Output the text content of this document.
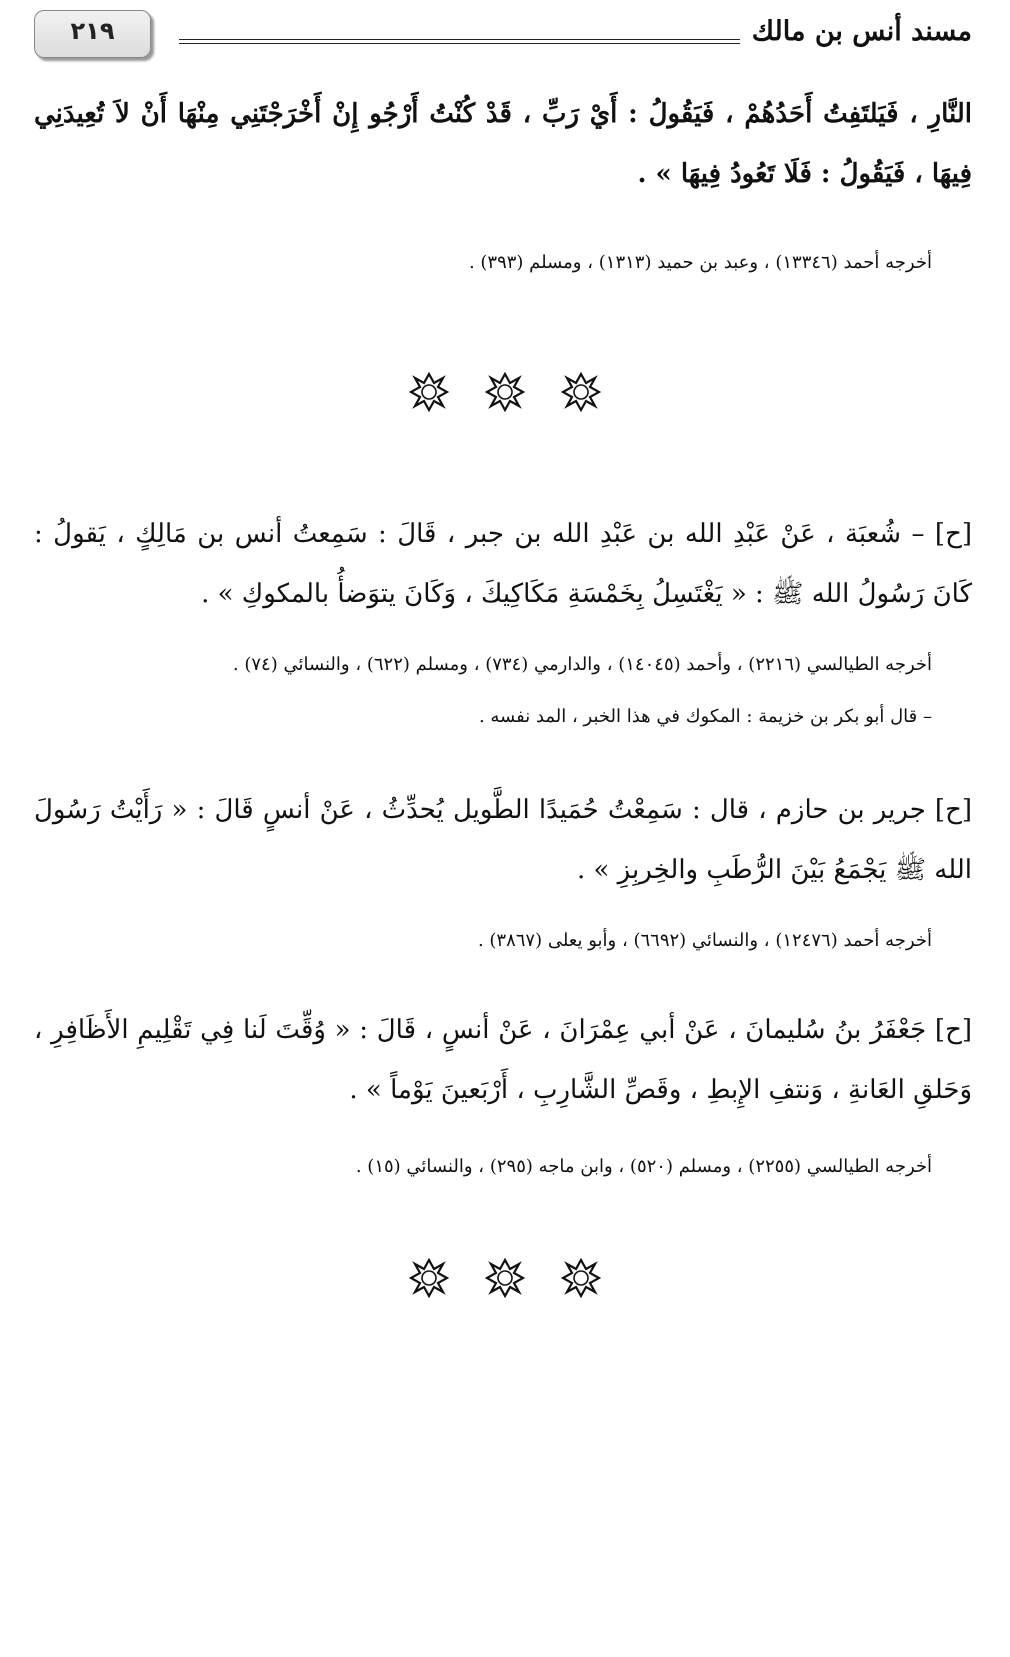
مسند أنس بن مالك
٢١٩
النَّارِ ، فَيَلتَفِتُ أَحَدُهُمْ ، فَيَقُولُ : أَيْ رَبِّ ، قَدْ كُنْتُ أَرْجُو إِنْ أَخْرَجْتَنِي مِنْهَا أَنْ لاَ تُعِيدَنِي فِيهَا ، فَيَقُولُ : فَلَا تَعُودُ فِيهَا » .
أخرجه أحمد (١٣٣٤٦) ، وعبد بن حميد (١٣١٣) ، ومسلم (٣٩٣) .
[ح] – شُعبَة ، عَنْ عَبْدِ الله بن عَبْدِ الله بن جبر ، قَالَ : سَمِعتُ أنس بن مَالِكٍ ، يَقولُ : كَانَ رَسُولُ الله ﷺ : « يَغْتَسِلُ بِخَمْسَةِ مَكَاكِيكَ ، وَكَانَ يتوَضأُ بالمكوكِ » .
أخرجه الطيالسي (٢٢١٦) ، وأحمد (١٤٠٤٥) ، والدارمي (٧٣٤) ، ومسلم (٦٢٢) ، والنسائي (٧٤) .
– قال أبو بكر بن خزيمة : المكوك في هذا الخبر ، المد نفسه .
[ح] جرير بن حازم ، قال : سَمِعْتُ حُمَيدًا الطَّويل يُحدِّثُ ، عَنْ أنسٍ قَالَ : « رَأَيْتُ رَسُولَ الله ﷺ يَجْمَعُ بَيْنَ الرُّطَبِ والخِربِزِ » .
أخرجه أحمد (١٢٤٧٦) ، والنسائي (٦٦٩٢) ، وأبو يعلى (٣٨٦٧) .
[ح] جَعْفَرُ بنُ سُليمانَ ، عَنْ أبي عِمْرَانَ ، عَنْ أنسٍ ، قَالَ : « وُقِّتَ لَنا فِي تَقْلِيمِ الأَظَافِرِ ، وَحَلقِ العَانةِ ، وَنتفِ الإِبطِ ، وقَصِّ الشَّارِبِ ، أَرْبَعينَ يَوْماً » .
أخرجه الطيالسي (٢٢٥٥) ، ومسلم (٥٢٠) ، وابن ماجه (٢٩٥) ، والنسائي (١٥) .
